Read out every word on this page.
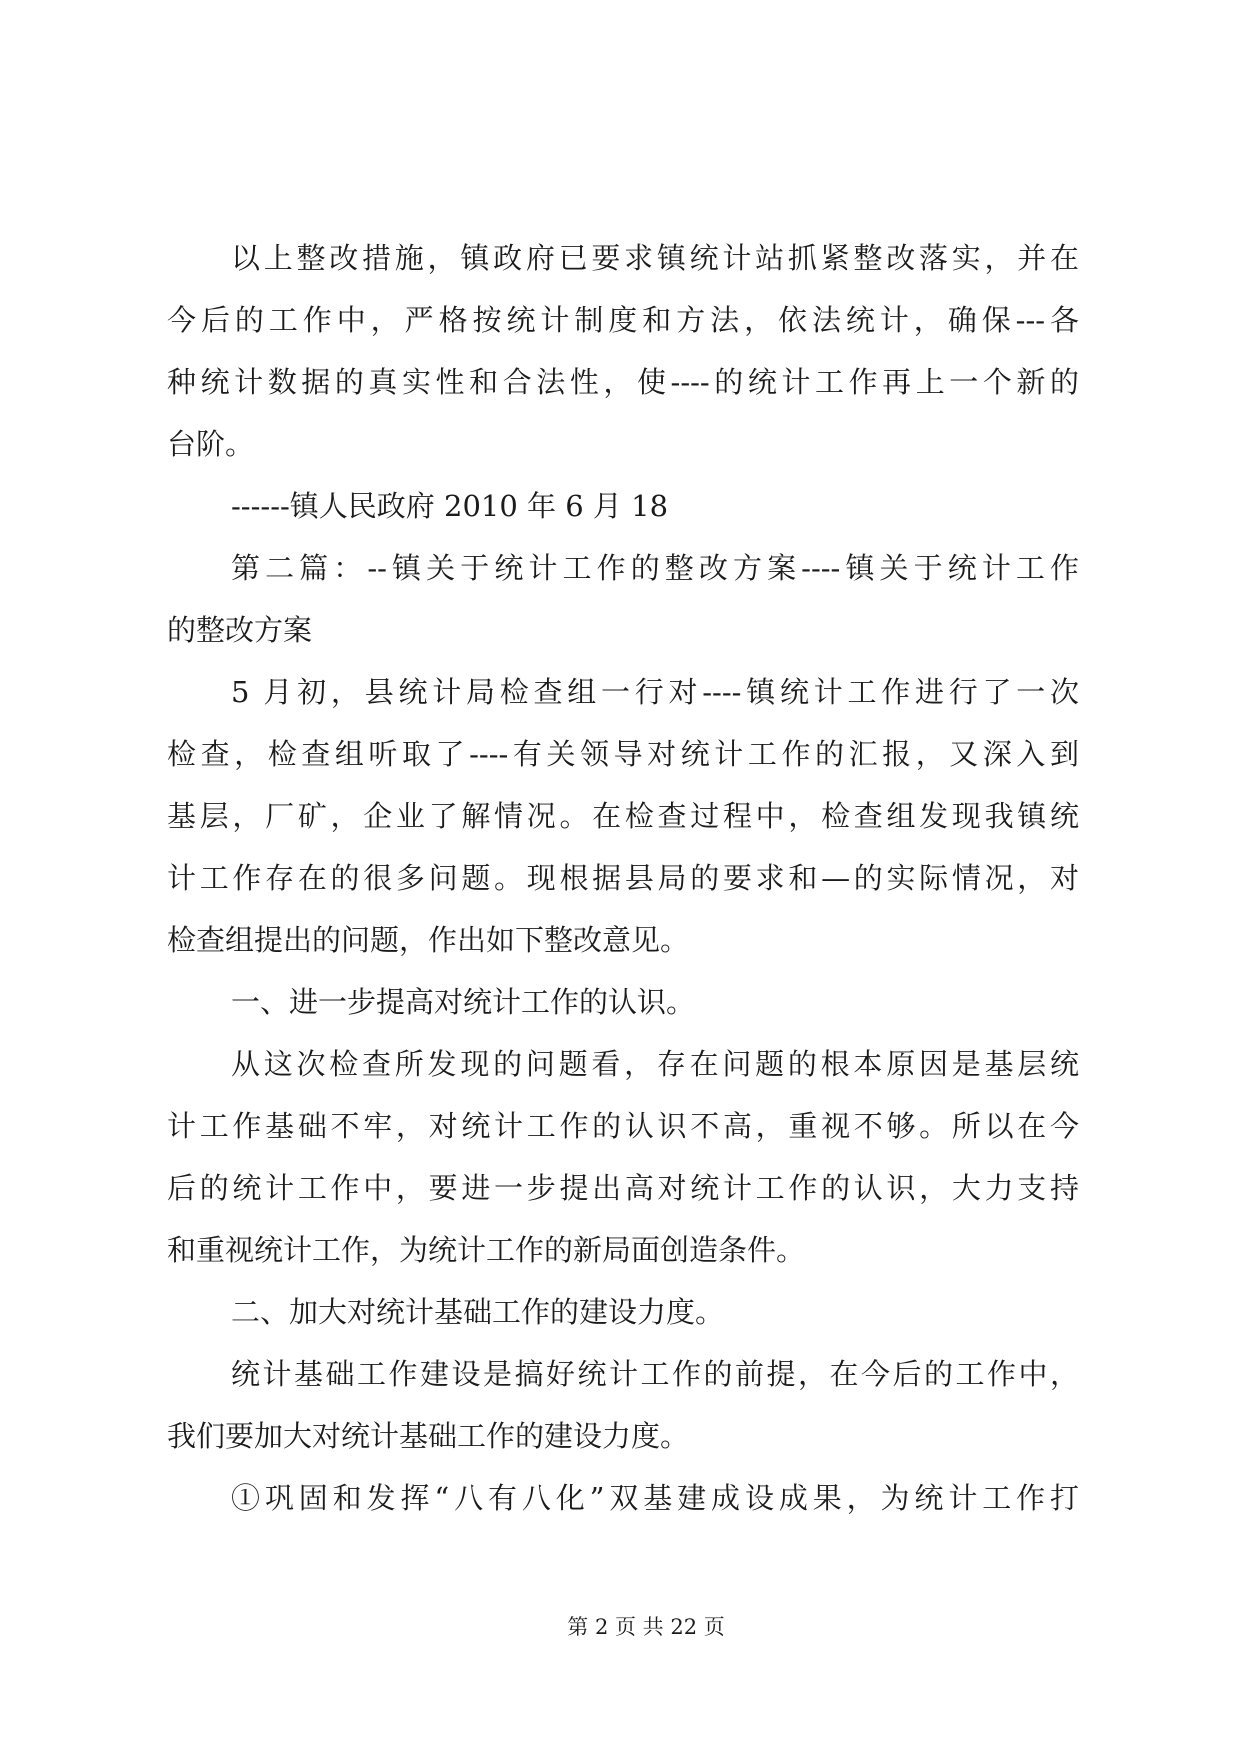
以上整改措施，镇政府已要求镇统计站抓紧整改落实，并在
今后的工作中，严格按统计制度和方法，依法统计，确保---各
种统计数据的真实性和合法性，使----的统计工作再上一个新的
台阶。
------镇人民政府 2010 年 6 月 18
第二篇：--镇关于统计工作的整改方案----镇关于统计工作
的整改方案
5 月初，县统计局检查组一行对----镇统计工作进行了一次
检查，检查组听取了----有关领导对统计工作的汇报，又深入到
基层，厂矿，企业了解情况。在检查过程中，检查组发现我镇统
计工作存在的很多问题。现根据县局的要求和—的实际情况，对
检查组提出的问题，作出如下整改意见。
一、进一步提高对统计工作的认识。
从这次检查所发现的问题看，存在问题的根本原因是基层统
计工作基础不牢，对统计工作的认识不高，重视不够。所以在今
后的统计工作中，要进一步提出高对统计工作的认识，大力支持
和重视统计工作，为统计工作的新局面创造条件。
二、加大对统计基础工作的建设力度。
统计基础工作建设是搞好统计工作的前提，在今后的工作中，
我们要加大对统计基础工作的建设力度。
①巩固和发挥“八有八化”双基建成设成果，为统计工作打
第 2 页 共 22 页
